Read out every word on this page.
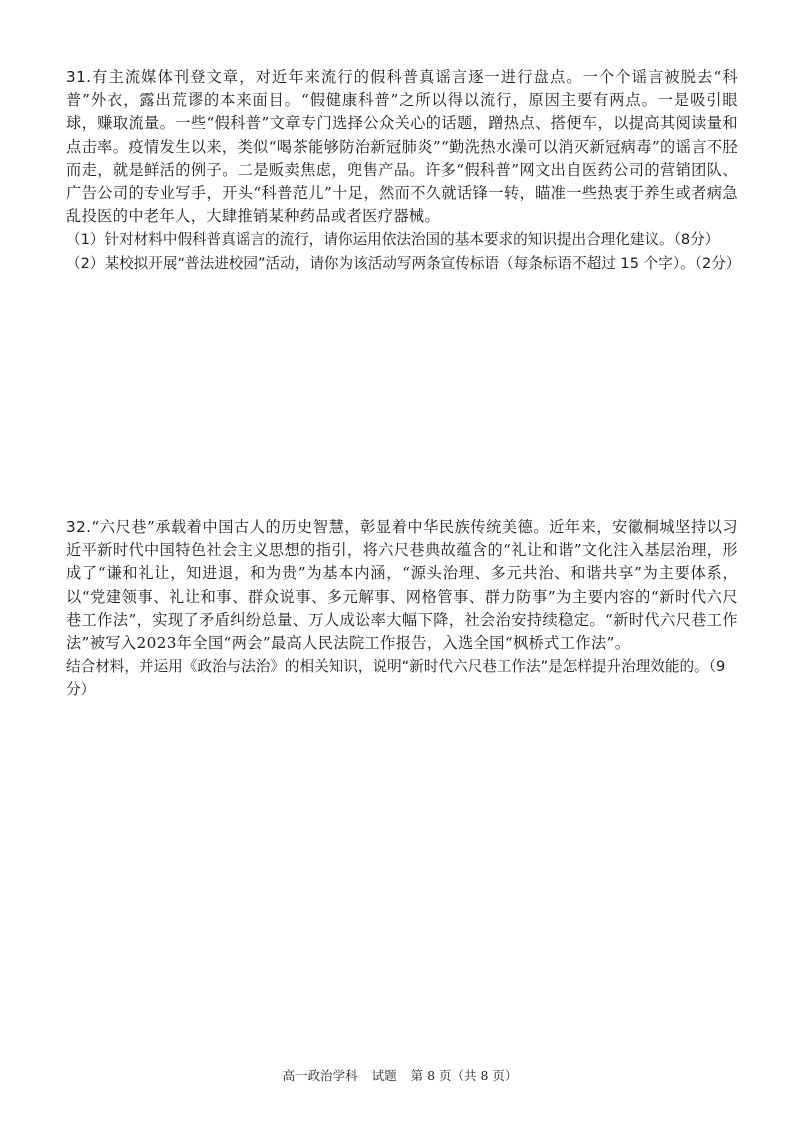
31.有主流媒体刊登文章，对近年来流行的假科普真谣言逐一进行盘点。一个个谣言被脱去“科普”外衣，露出荒谬的本来面目。“假健康科普”之所以得以流行，原因主要有两点。一是吸引眼球，赚取流量。一些“假科普”文章专门选择公众关心的话题，蹭热点、搭便车，以提高其阅读量和点击率。疫情发生以来，类似“喝茶能够防治新冠肺炎”“勤洗热水澡可以消灭新冠病毒”的谣言不胫而走，就是鲜活的例子。二是贩卖焦虑，兜售产品。许多“假科普”网文出自医药公司的营销团队、广告公司的专业写手，开头“科普范儿”十足，然而不久就话锋一转，瞄准一些热衷于养生或者病急乱投医的中老年人，大肆推销某种药品或者医疗器械。

（1）针对材料中假科普真谣言的流行，请你运用依法治国的基本要求的知识提出合理化建议。（8分）

（2）某校拟开展“普法进校园”活动，请你为该活动写两条宣传标语（每条标语不超过 15 个字）。（2分）

32.“六尺巷”承载着中国古人的历史智慧，彰显着中华民族传统美德。近年来，安徽桐城坚持以习近平新时代中国特色社会主义思想的指引，将六尺巷典故蕴含的“礼让和谐”文化注入基层治理，形成了“谦和礼让，知进退，和为贵”为基本内涵，“源头治理、多元共治、和谐共享”为主要体系，以“党建领事、礼让和事、群众说事、多元解事、网格管事、群力防事”为主要内容的“新时代六尺巷工作法”，实现了矛盾纠纷总量、万人成讼率大幅下降，社会治安持续稳定。“新时代六尺巷工作法”被写入2023年全国“两会”最高人民法院工作报告，入选全国“枫桥式工作法”。

结合材料，并运用《政治与法治》的相关知识，说明“新时代六尺巷工作法”是怎样提升治理效能的。（9分）

高一政治学科 试题 第 8 页（共 8 页）
